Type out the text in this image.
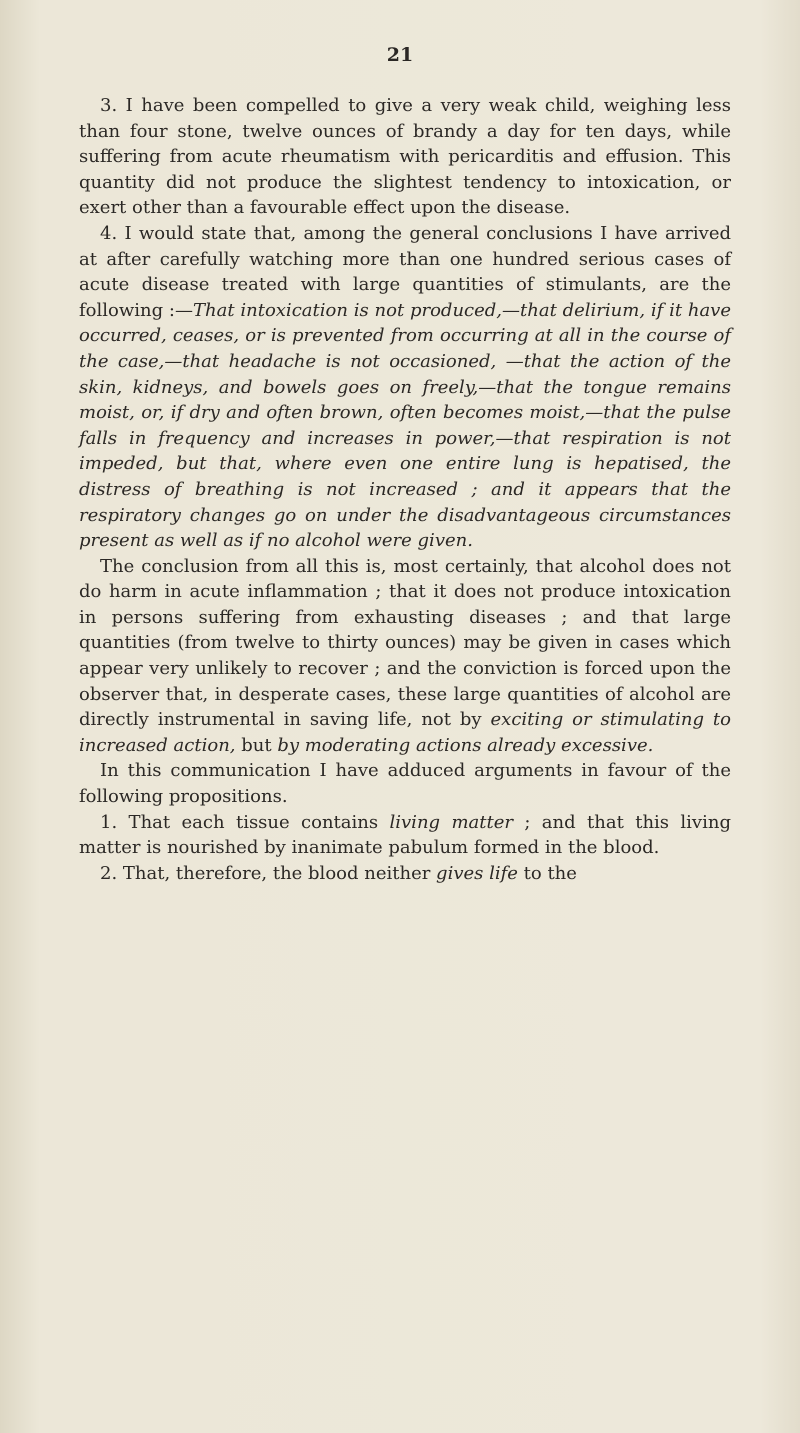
21

3. I have been compelled to give a very weak child, weighing less than four stone, twelve ounces of brandy a day for ten days, while suffering from acute rheumatism with pericarditis and effusion. This quantity did not produce the slightest tendency to intoxication, or exert other than a favourable effect upon the disease.

4. I would state that, among the general conclusions I have arrived at after carefully watching more than one hundred serious cases of acute disease treated with large quantities of stimulants, are the following :—That intoxication is not produced,—that delirium, if it have occurred, ceases, or is prevented from occurring at all in the course of the case,—that headache is not occasioned, —that the action of the skin, kidneys, and bowels goes on freely,—that the tongue remains moist, or, if dry and often brown, often becomes moist,—that the pulse falls in frequency and increases in power,—that respiration is not impeded, but that, where even one entire lung is hepatised, the distress of breathing is not increased ; and it appears that the respiratory changes go on under the disadvantageous circumstances present as well as if no alcohol were given.

The conclusion from all this is, most certainly, that alcohol does not do harm in acute inflammation ; that it does not produce intoxication in persons suffering from exhausting diseases ; and that large quantities (from twelve to thirty ounces) may be given in cases which appear very unlikely to recover ; and the conviction is forced upon the observer that, in desperate cases, these large quantities of alcohol are directly instrumental in saving life, not by exciting or stimulating to increased action, but by moderating actions already excessive.

In this communication I have adduced arguments in favour of the following propositions.

1. That each tissue contains living matter ; and that this living matter is nourished by inanimate pabulum formed in the blood.

2. That, therefore, the blood neither gives life to the
